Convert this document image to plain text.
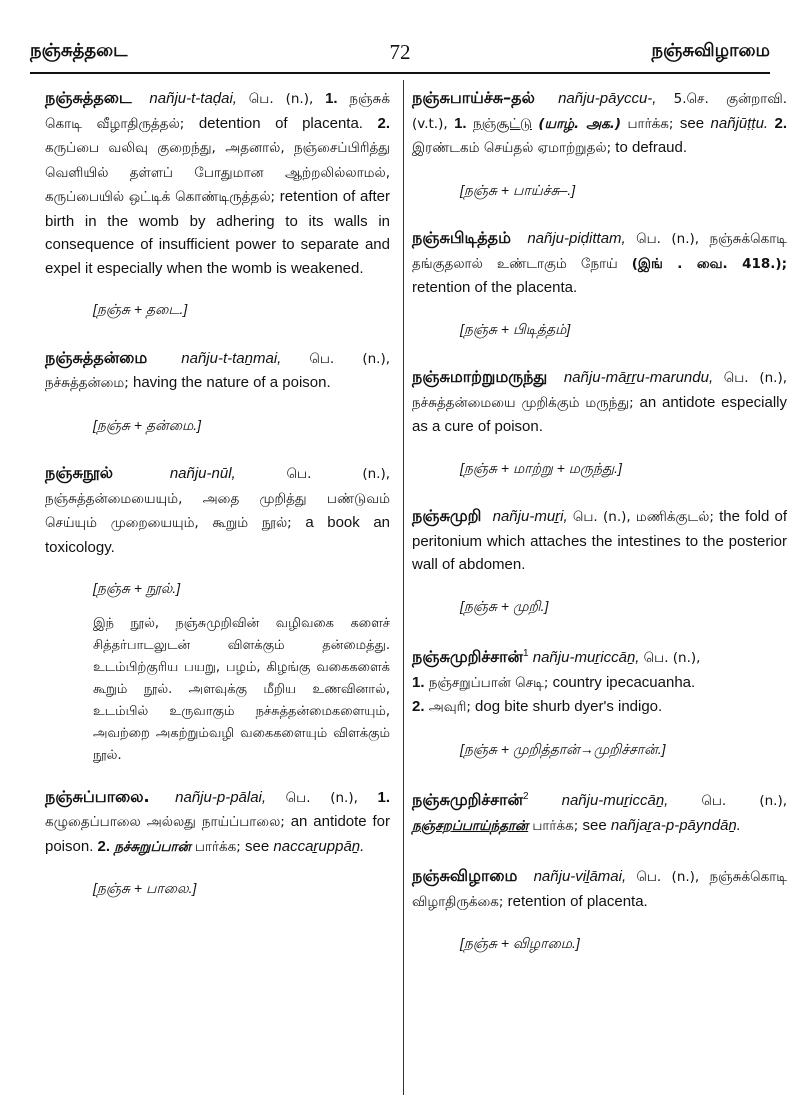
நஞ்சுத்தடை	72	நஞ்சுவிழாமை
நஞ்சுத்தடை nañju-t-taḍai, பெ. (n.), 1. நஞ்சுக் கொடி வீழாதிருத்தல்; detention of placenta. 2. கருப்பை வலிவு குறைந்து, அதனால், நஞ்சைப்பிரித்து வெளியில் தள்ளப் போதுமான ஆற்றலில்லாமல், கருப்பையில் ஒட்டிக் கொண்டிருத்தல்; retention of after birth in the womb by adhering to its walls in consequence of insufficient power to separate and expel it especially when the womb is weakened.
[நஞ்சு + தடை.]
நஞ்சுத்தன்மை nañju-t-taṉmai, பெ. (n.), நச்சுத்தன்மை; having the nature of a poison.
[நஞ்சு + தன்மை.]
நஞ்சுநூல்	nañju-nūl,	பெ. (n.), நஞ்சுத்தன்மையையும், அதை முறித்து பண்டுவம் செய்யும் முறையையும், கூறும் நூல்; a book an toxicology.
[நஞ்சு + நூல்.]
இந் நூல், நஞ்சுமுறிவின் வழிவகை களைச் சித்தர்பாடலுடன் விளக்கும் தன்மைத்து. உடம்பிற்குரிய பயறு, பழம், கிழங்கு வகைகளைக் கூறும் நூல். அளவுக்கு மீறிய உணவினால், உடம்பில் உருவாகும் நச்சுத்தன்மைகளையும், அவற்றை அகற்றும்வழி வகைகளையும் விளக்கும் நூல்.
நஞ்சுப்பாலை. nañju-p-pālai, பெ. (n.), 1. கழுதைப்பாலை அல்லது நாய்ப்பாலை; an antidote for poison. 2. நச்சுறுப்பான் பார்க்க; see naccaṟuppāṉ.
[நஞ்சு + பாலை.]
நஞ்சுபாய்ச்சு–தல் nañju-pāyccu-, 5.செ. குன்றாவி. (v.t.), 1. நஞ்சூட்டு (யாழ். அக.) பார்க்க; see nañjūṭṭu. 2. இரண்டகம் செய்தல் ஏமாற்றுதல்; to defraud.
[நஞ்சு + பாய்ச்சு–.]
நஞ்சுபிடித்தம் nañju-piḍittam, பெ. (n.), நஞ்சுக்கொடி தங்குதலால் உண்டாகும் நோய் (இங் . வை. 418.); retention of the placenta.
[நஞ்சு + பிடித்தம்]
நஞ்சுமாற்றுமருந்து nañju-māṟṟu-marundu, பெ. (n.), நச்சுத்தன்மையை முறிக்கும் மருந்து; an antidote especially as a cure of poison.
[நஞ்சு + மாற்று + மருந்து.]
நஞ்சுமுறி nañju-muṟi, பெ. (n.), மணிக்குடல்; the fold of peritonium which attaches the intestines to the posterior wall of abdomen.
[நஞ்சு + முறி.]
நஞ்சுமுறிச்சான்$^1$ nañju-muṟiccāṉ, பெ. (n.),
1. நஞ்சறுப்பான் செடி; country ipecacuanha.
2. அவுரி; dog bite shurb dyer's indigo.
[நஞ்சு + முறித்தான்→முறிச்சான்.]
நஞ்சுமுறிச்சான்$^2$ nañju-muṟiccāṉ, பெ. (n.), நஞ்சறப்பாய்ந்தான் பார்க்க; see nañjaṟa-p-pāyndāṉ.
நஞ்சுவிழாமை nañju-viḻāmai, பெ. (n.), நஞ்சுக்கொடி விழாதிருக்கை; retention of placenta.
[நஞ்சு + விழாமை.]
